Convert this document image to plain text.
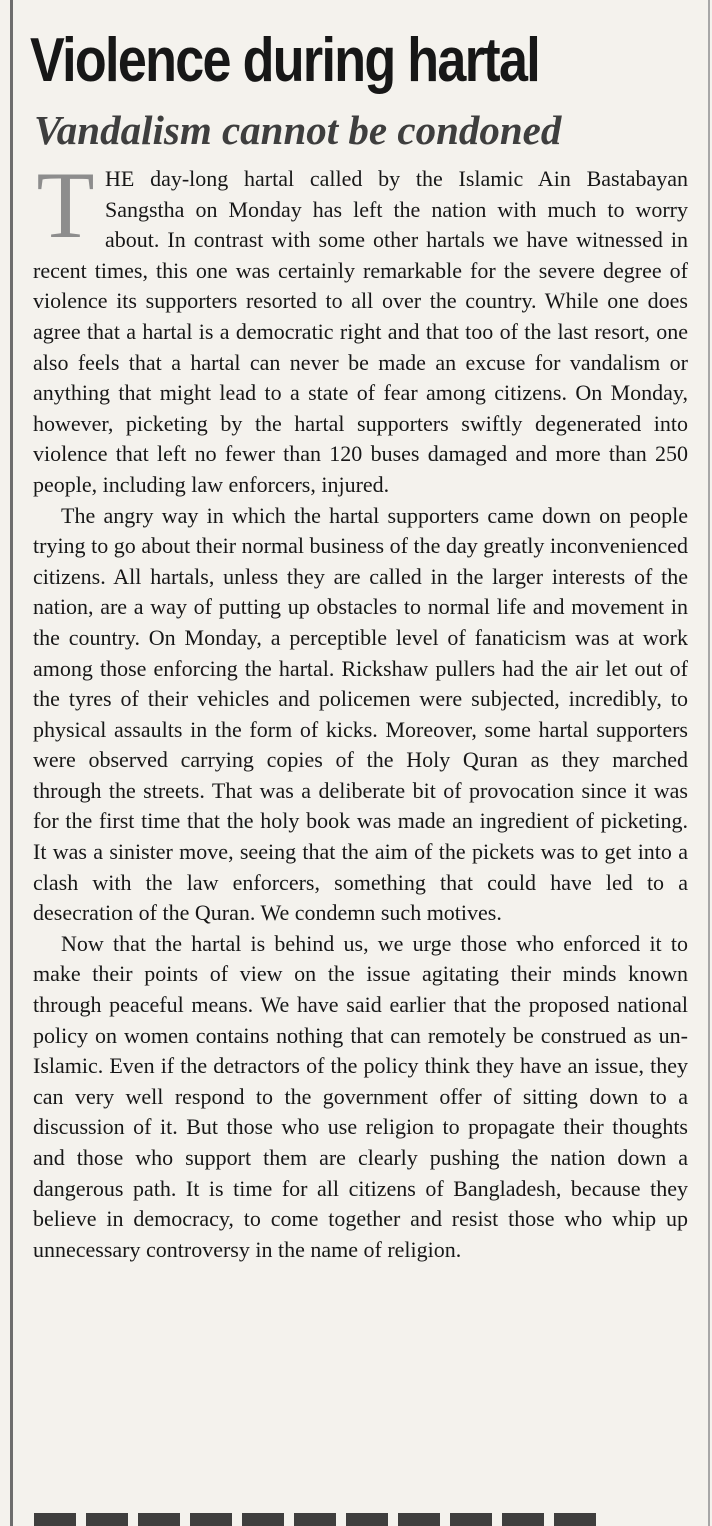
Violence during hartal
Vandalism cannot be condoned

T HE day-long hartal called by the Islamic Ain Bastabayan Sangstha on Monday has left the nation with much to worry about. In contrast with some other hartals we have witnessed in recent times, this one was certainly remarkable for the severe degree of violence its supporters resorted to all over the country. While one does agree that a hartal is a democratic right and that too of the last resort, one also feels that a hartal can never be made an excuse for vandalism or anything that might lead to a state of fear among citizens. On Monday, however, picketing by the hartal supporters swiftly degenerated into violence that left no fewer than 120 buses damaged and more than 250 people, including law enforcers, injured.

The angry way in which the hartal supporters came down on people trying to go about their normal business of the day greatly inconvenienced citizens. All hartals, unless they are called in the larger interests of the nation, are a way of putting up obstacles to normal life and movement in the country. On Monday, a perceptible level of fanaticism was at work among those enforcing the hartal. Rickshaw pullers had the air let out of the tyres of their vehicles and policemen were subjected, incredibly, to physical assaults in the form of kicks. Moreover, some hartal supporters were observed carrying copies of the Holy Quran as they marched through the streets. That was a deliberate bit of provocation since it was for the first time that the holy book was made an ingredient of picketing. It was a sinister move, seeing that the aim of the pickets was to get into a clash with the law enforcers, something that could have led to a desecration of the Quran. We condemn such motives.

Now that the hartal is behind us, we urge those who enforced it to make their points of view on the issue agitating their minds known through peaceful means. We have said earlier that the proposed national policy on women contains nothing that can remotely be construed as un-Islamic. Even if the detractors of the policy think they have an issue, they can very well respond to the government offer of sitting down to a discussion of it. But those who use religion to propagate their thoughts and those who support them are clearly pushing the nation down a dangerous path. It is time for all citizens of Bangladesh, because they believe in democracy, to come together and resist those who whip up unnecessary controversy in the name of religion.
